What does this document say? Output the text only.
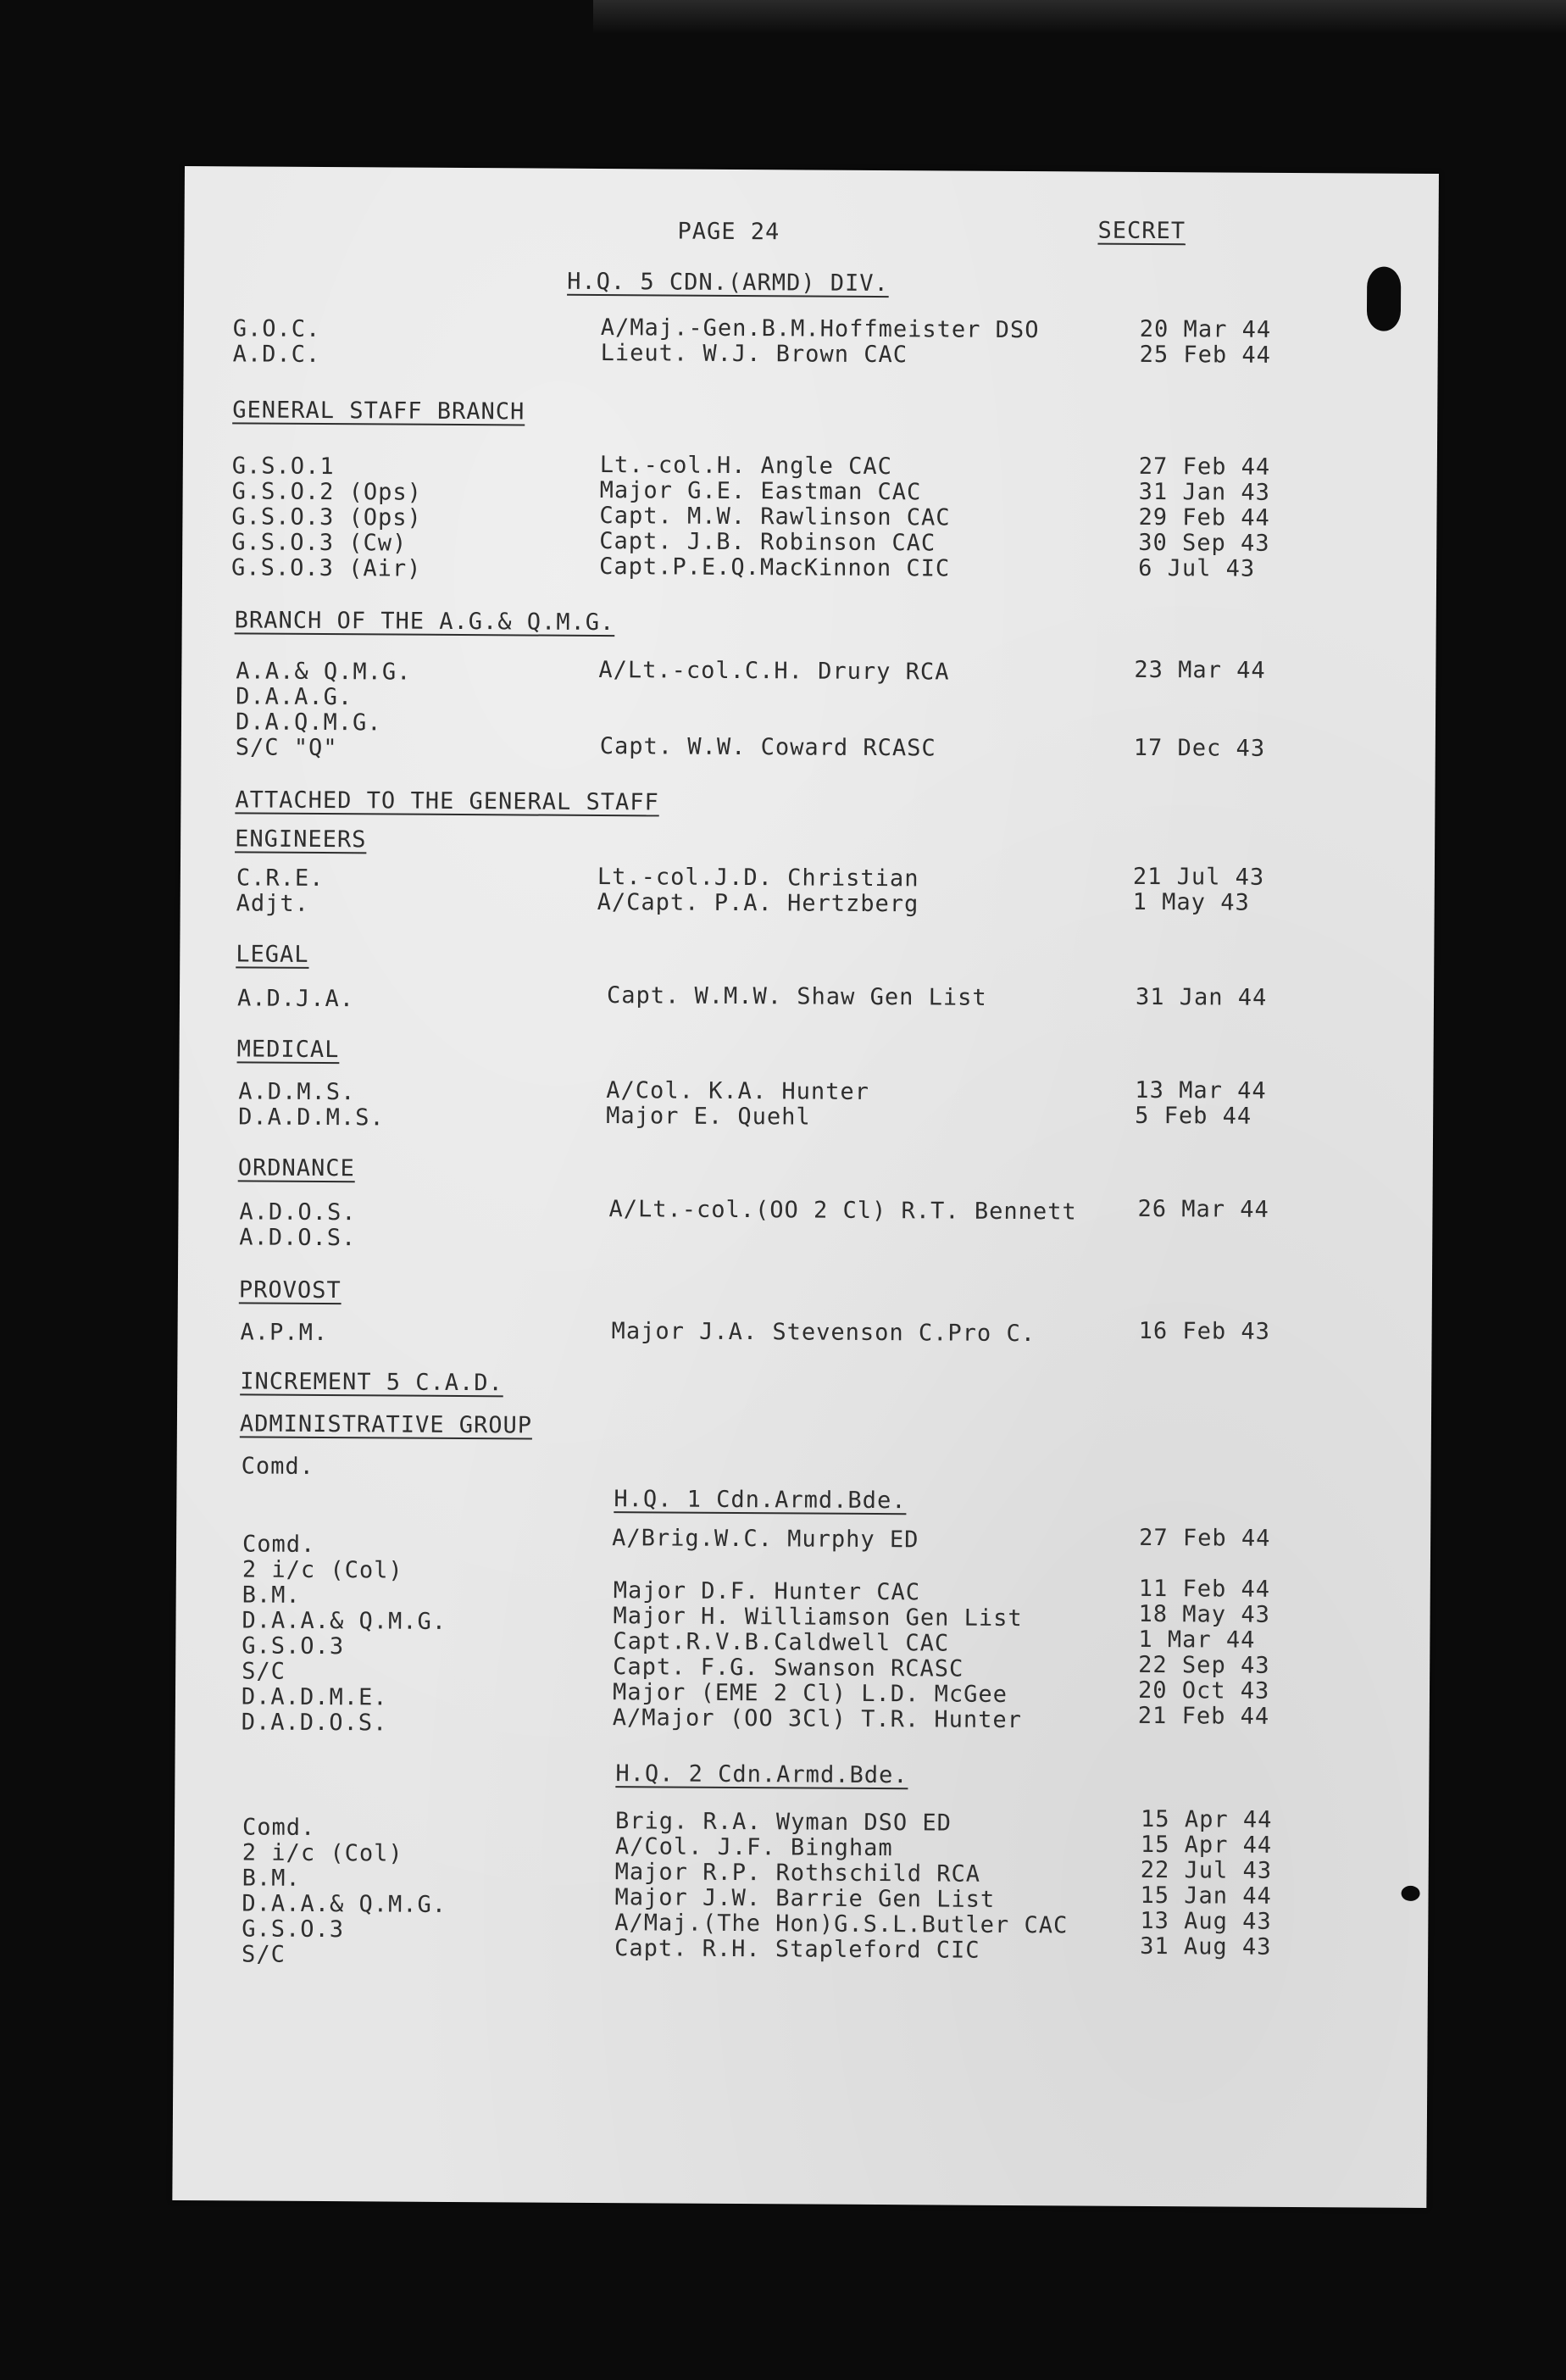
PAGE 24	SECRET
H.Q. 5 CDN.(ARMD) DIV.
G.O.C.	A/Maj.-Gen.B.M.Hoffmeister DSO	20 Mar 44
A.D.C.	Lieut. W.J. Brown CAC	25 Feb 44
GENERAL STAFF BRANCH
G.S.O.1	Lt.-col.H. Angle CAC	27 Feb 44
G.S.O.2 (Ops)	Major G.E. Eastman CAC	31 Jan 43
G.S.O.3 (Ops)	Capt. M.W. Rawlinson CAC	29 Feb 44
G.S.O.3 (Cw)	Capt. J.B. Robinson CAC	30 Sep 43
G.S.O.3 (Air)	Capt.P.E.Q.MacKinnon CIC	6 Jul 43
BRANCH OF THE A.G.& Q.M.G.
A.A.& Q.M.G.	A/Lt.-col.C.H. Drury RCA	23 Mar 44
D.A.A.G.
D.A.Q.M.G.
S/C "Q"	Capt. W.W. Coward RCASC	17 Dec 43
ATTACHED TO THE GENERAL STAFF
ENGINEERS
C.R.E.	Lt.-col.J.D. Christian	21 Jul 43
Adjt.	A/Capt. P.A. Hertzberg	1 May 43
LEGAL
A.D.J.A.	Capt. W.M.W. Shaw Gen List	31 Jan 44
MEDICAL
A.D.M.S.	A/Col. K.A. Hunter	13 Mar 44
D.A.D.M.S.	Major E. Quehl	5 Feb 44
ORDNANCE
A.D.O.S.	A/Lt.-col.(OO 2 Cl) R.T. Bennett	26 Mar 44
A.D.O.S.
PROVOST
A.P.M.	Major J.A. Stevenson C.Pro C.	16 Feb 43
INCREMENT 5 C.A.D.
ADMINISTRATIVE GROUP
Comd.
H.Q. 1 Cdn.Armd.Bde.
Comd.	A/Brig.W.C. Murphy ED	27 Feb 44
2 i/c (Col)
B.M.	Major D.F. Hunter CAC	11 Feb 44
D.A.A.& Q.M.G.	Major H. Williamson Gen List	18 May 43
G.S.O.3	Capt.R.V.B.Caldwell CAC	1 Mar 44
S/C	Capt. F.G. Swanson RCASC	22 Sep 43
D.A.D.M.E.	Major (EME 2 Cl) L.D. McGee	20 Oct 43
D.A.D.O.S.	A/Major (OO 3Cl) T.R. Hunter	21 Feb 44
H.Q. 2 Cdn.Armd.Bde.
Comd.	Brig. R.A. Wyman DSO ED	15 Apr 44
2 i/c (Col)	A/Col. J.F. Bingham	15 Apr 44
B.M.	Major R.P. Rothschild RCA	22 Jul 43
D.A.A.& Q.M.G.	Major J.W. Barrie Gen List	15 Jan 44
G.S.O.3	A/Maj.(The Hon)G.S.L.Butler CAC	13 Aug 43
S/C	Capt. R.H. Stapleford CIC	31 Aug 43
